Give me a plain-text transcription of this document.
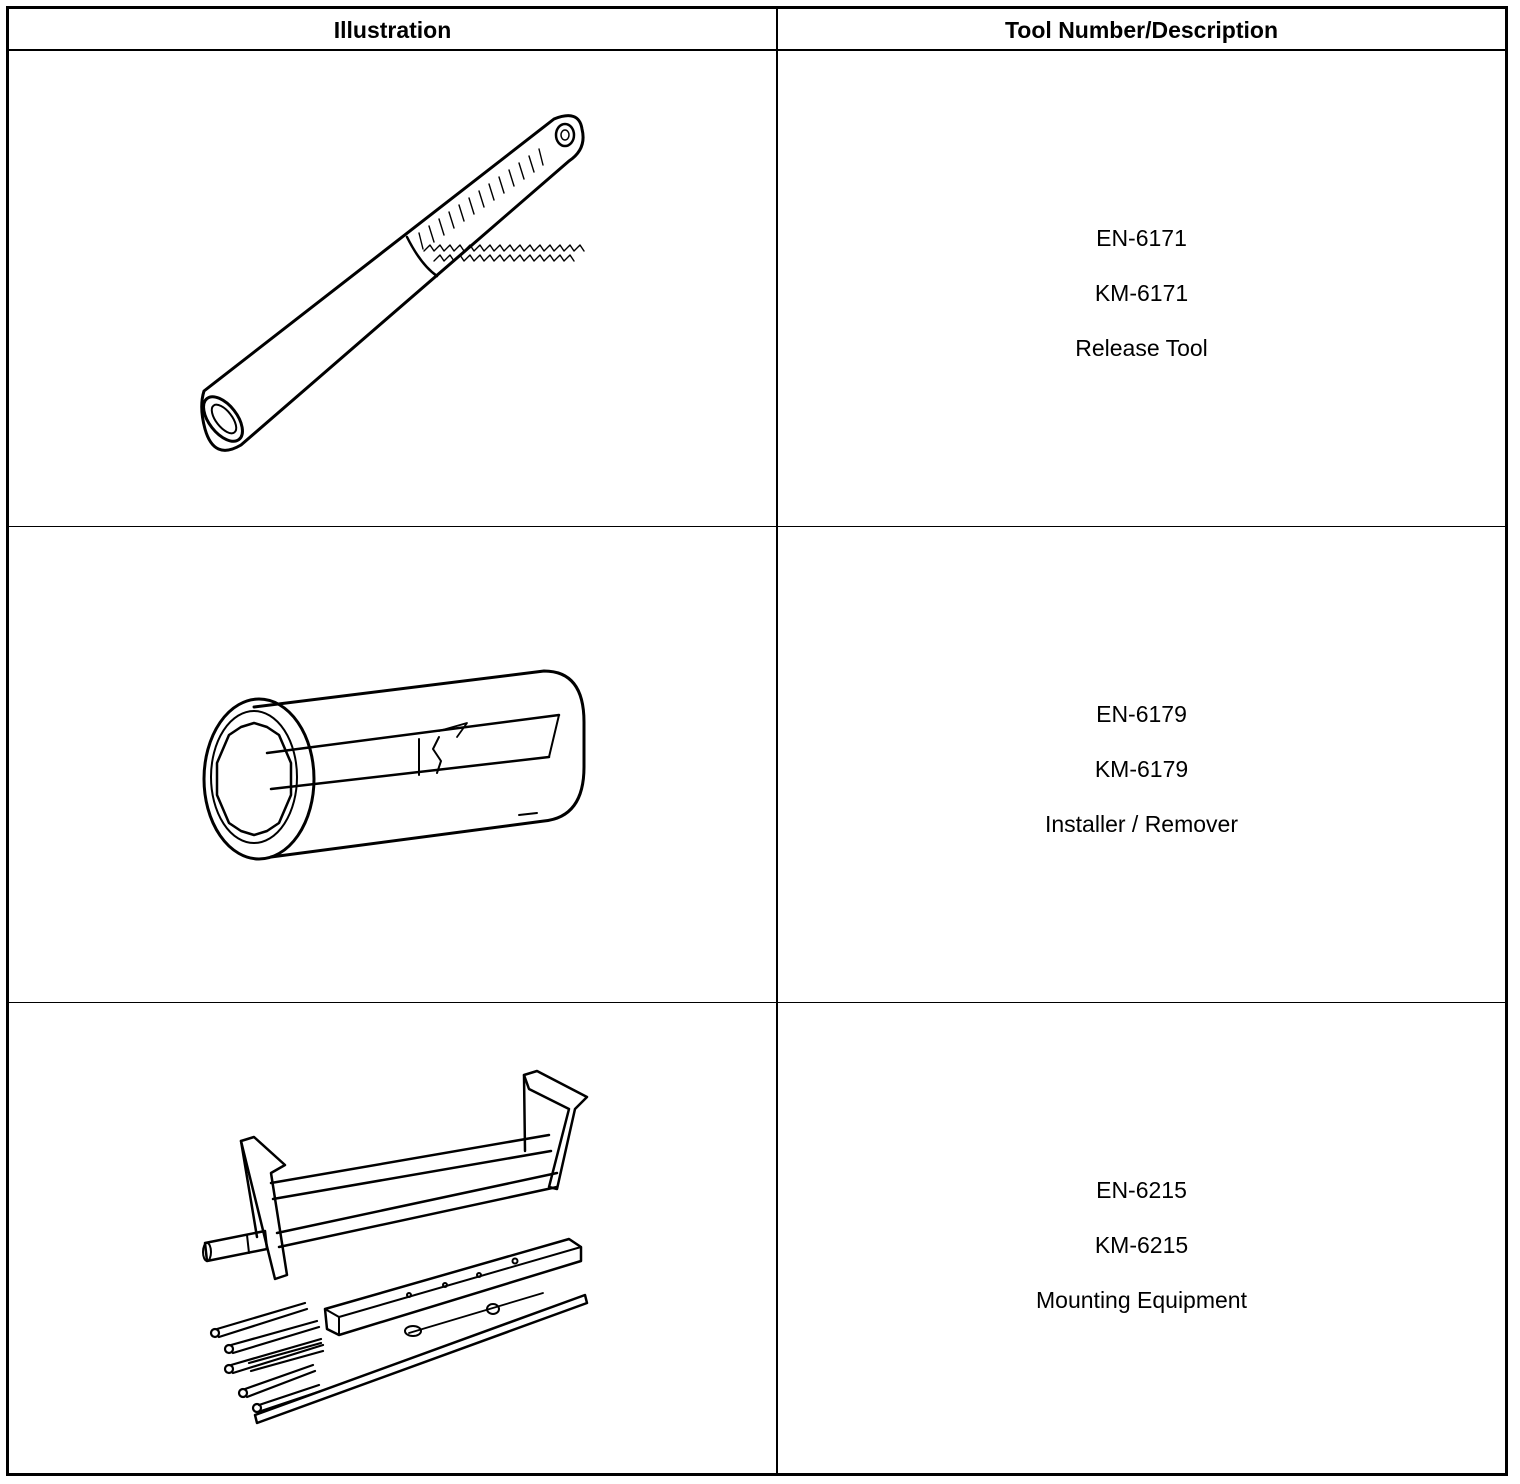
Illustration	Tool Number/Description
EN-6171
KM-6171
Release Tool
EN-6179
KM-6179
Installer / Remover
EN-6215
KM-6215
Mounting Equipment
